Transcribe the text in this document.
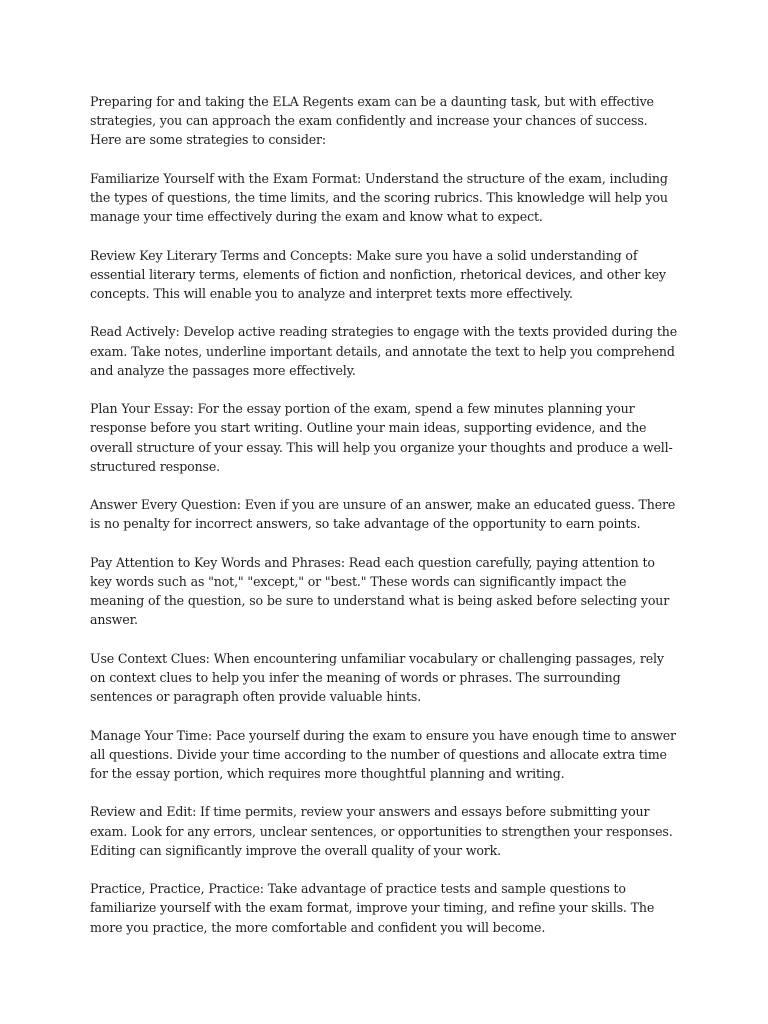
Preparing for and taking the ELA Regents exam can be a daunting task, but with effective strategies, you can approach the exam confidently and increase your chances of success. Here are some strategies to consider:

Familiarize Yourself with the Exam Format: Understand the structure of the exam, including the types of questions, the time limits, and the scoring rubrics. This knowledge will help you manage your time effectively during the exam and know what to expect.

Review Key Literary Terms and Concepts: Make sure you have a solid understanding of essential literary terms, elements of fiction and nonfiction, rhetorical devices, and other key concepts. This will enable you to analyze and interpret texts more effectively.

Read Actively: Develop active reading strategies to engage with the texts provided during the exam. Take notes, underline important details, and annotate the text to help you comprehend and analyze the passages more effectively.

Plan Your Essay: For the essay portion of the exam, spend a few minutes planning your response before you start writing. Outline your main ideas, supporting evidence, and the overall structure of your essay. This will help you organize your thoughts and produce a well-structured response.

Answer Every Question: Even if you are unsure of an answer, make an educated guess. There is no penalty for incorrect answers, so take advantage of the opportunity to earn points.

Pay Attention to Key Words and Phrases: Read each question carefully, paying attention to key words such as "not," "except," or "best." These words can significantly impact the meaning of the question, so be sure to understand what is being asked before selecting your answer.

Use Context Clues: When encountering unfamiliar vocabulary or challenging passages, rely on context clues to help you infer the meaning of words or phrases. The surrounding sentences or paragraph often provide valuable hints.

Manage Your Time: Pace yourself during the exam to ensure you have enough time to answer all questions. Divide your time according to the number of questions and allocate extra time for the essay portion, which requires more thoughtful planning and writing.

Review and Edit: If time permits, review your answers and essays before submitting your exam. Look for any errors, unclear sentences, or opportunities to strengthen your responses. Editing can significantly improve the overall quality of your work.

Practice, Practice, Practice: Take advantage of practice tests and sample questions to familiarize yourself with the exam format, improve your timing, and refine your skills. The more you practice, the more comfortable and confident you will become.
